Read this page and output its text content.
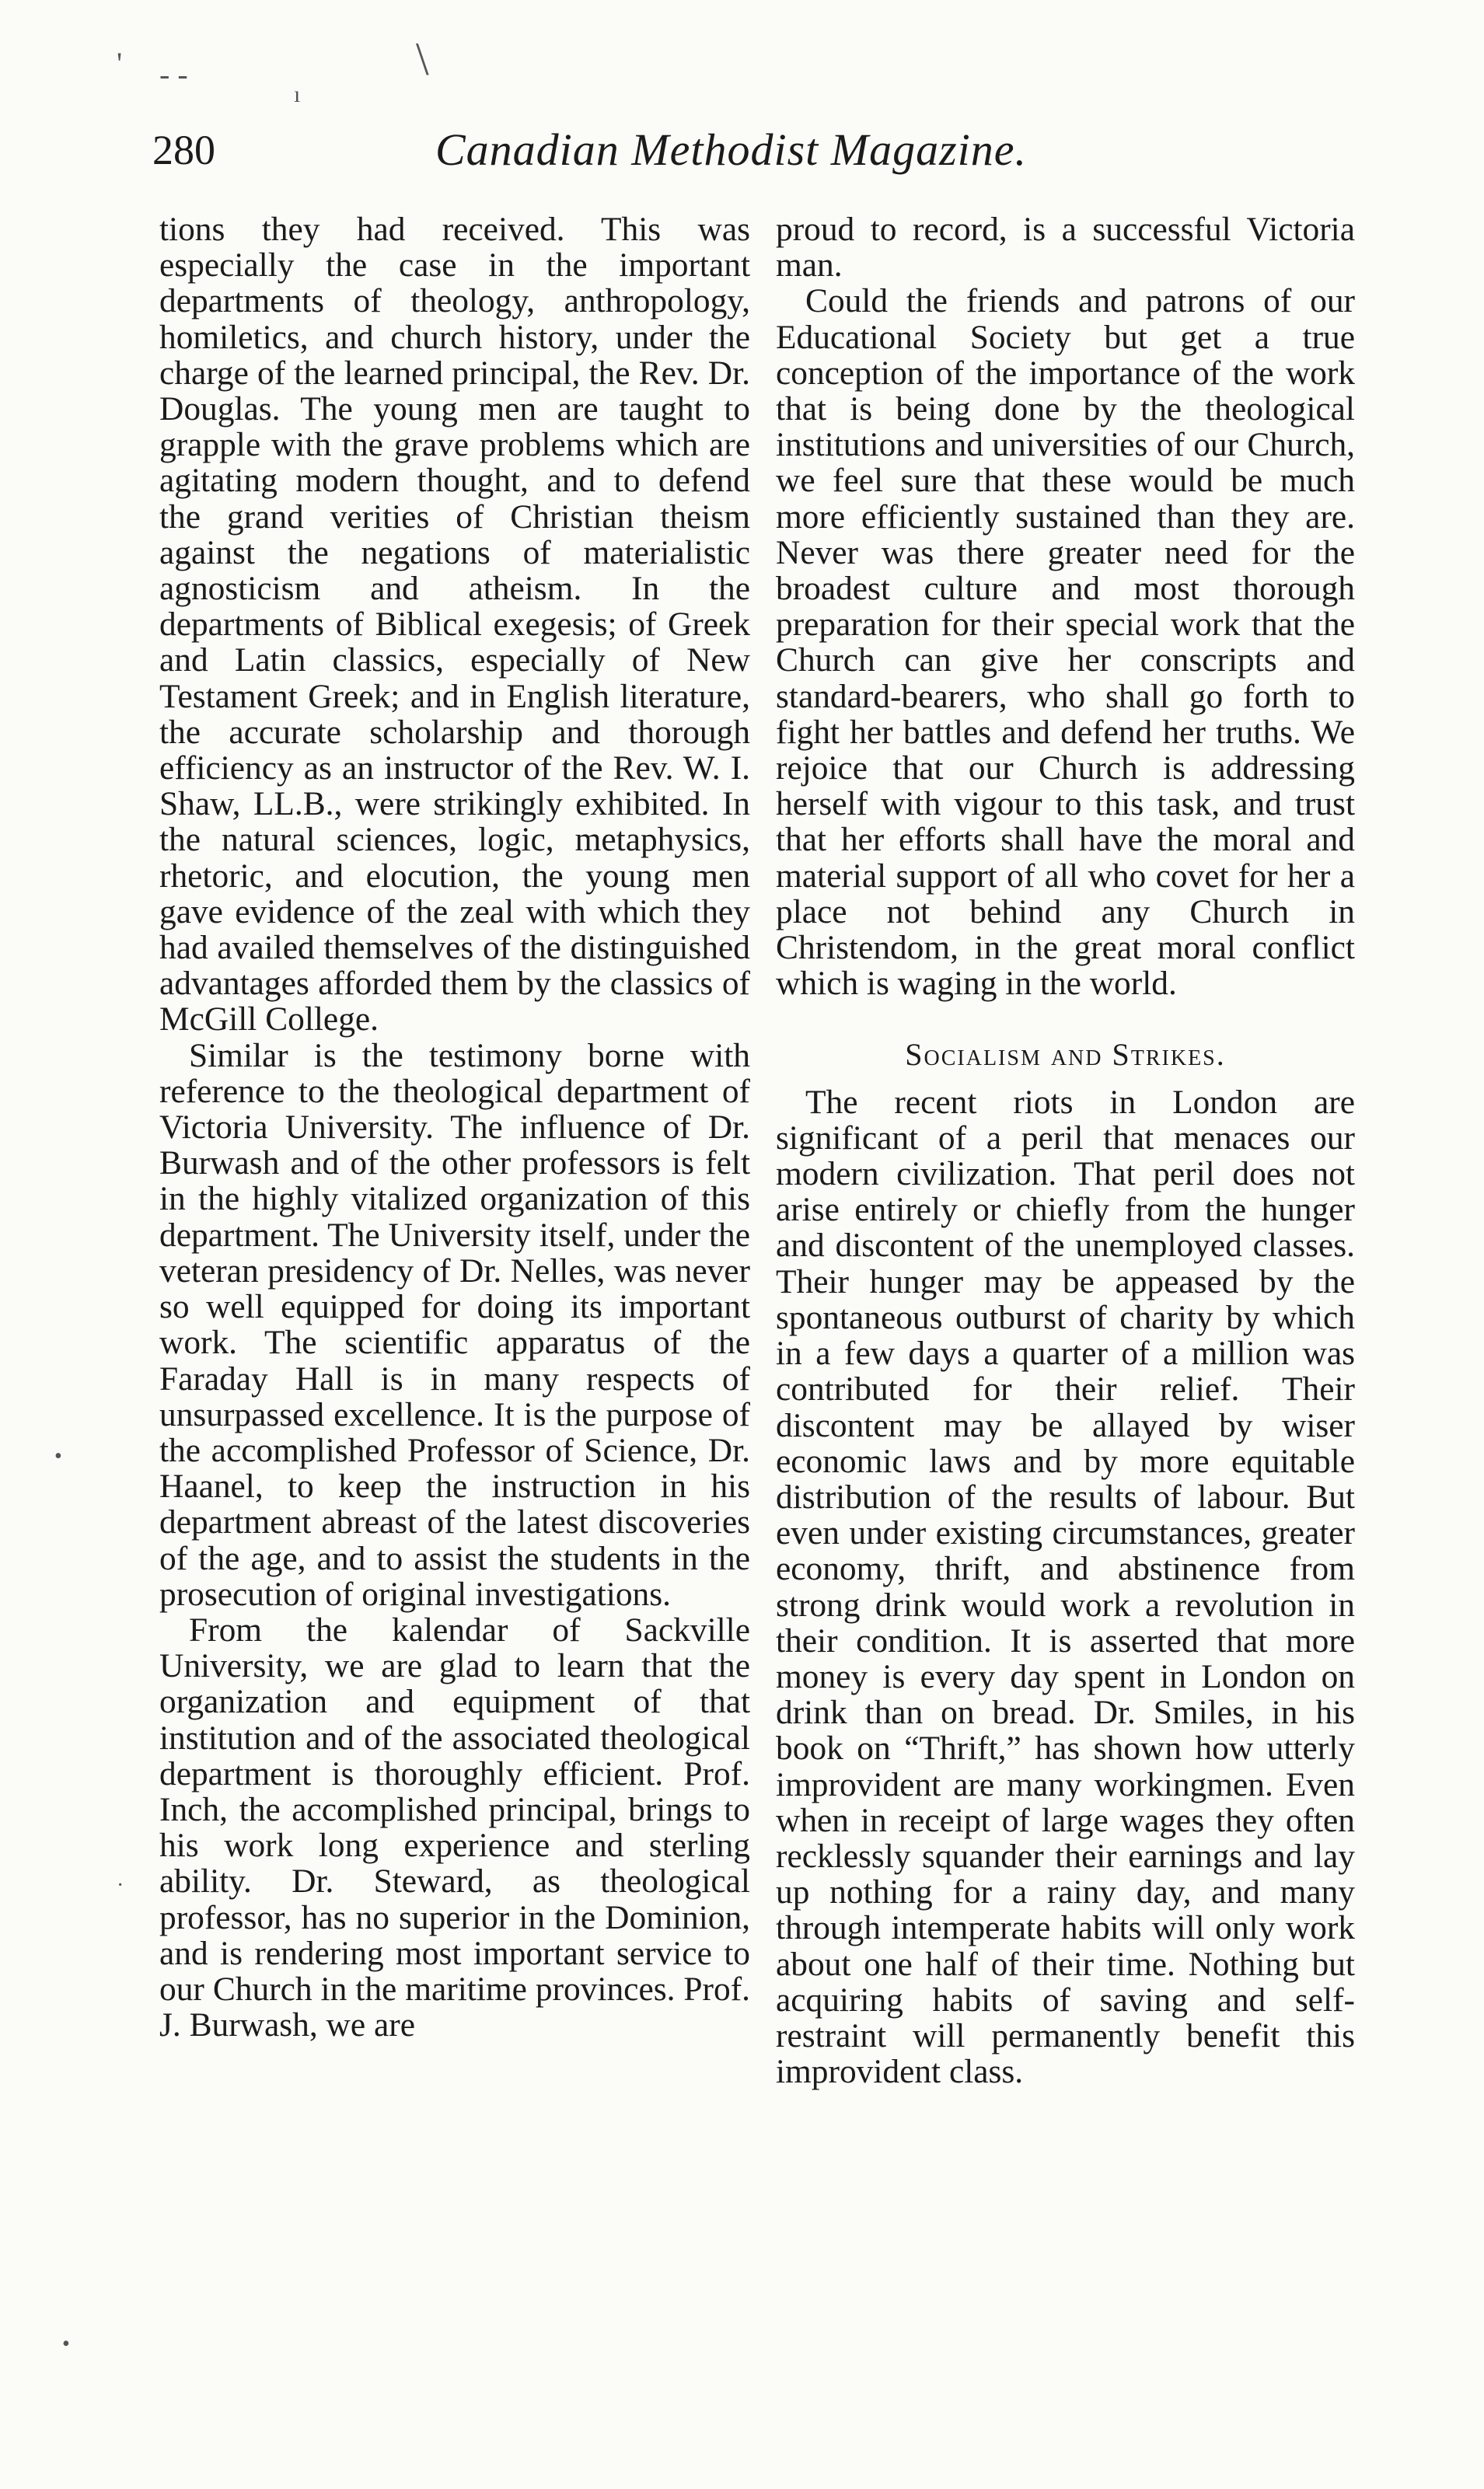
' - -	\
ı
•
·
•
280	Canadian Methodist Magazine.

tions they had received. This was especially the case in the important departments of theology, anthropology, homiletics, and church history, under the charge of the learned principal, the Rev. Dr. Douglas. The young men are taught to grapple with the grave problems which are agitating modern thought, and to defend the grand verities of Christian theism against the negations of materialistic agnosticism and atheism. In the departments of Biblical exegesis; of Greek and Latin classics, especially of New Testament Greek; and in English literature, the accurate scholarship and thorough efficiency as an instructor of the Rev. W. I. Shaw, LL.B., were strikingly exhibited. In the natural sciences, logic, metaphysics, rhetoric, and elocution, the young men gave evidence of the zeal with which they had availed themselves of the distinguished advantages afforded them by the classics of McGill College.

Similar is the testimony borne with reference to the theological department of Victoria University. The influence of Dr. Burwash and of the other professors is felt in the highly vitalized organization of this department. The University itself, under the veteran presidency of Dr. Nelles, was never so well equipped for doing its important work. The scientific apparatus of the Faraday Hall is in many respects of unsurpassed excellence. It is the purpose of the accomplished Professor of Science, Dr. Haanel, to keep the instruction in his department abreast of the latest discoveries of the age, and to assist the students in the prosecution of original investigations.

From the kalendar of Sackville University, we are glad to learn that the organization and equipment of that institution and of the associated theological department is thoroughly efficient. Prof. Inch, the accomplished principal, brings to his work long experience and sterling ability. Dr. Steward, as theological professor, has no superior in the Dominion, and is rendering most important service to our Church in the maritime provinces. Prof. J. Burwash, we are

proud to record, is a successful Victoria man.

Could the friends and patrons of our Educational Society but get a true conception of the importance of the work that is being done by the theological institutions and universities of our Church, we feel sure that these would be much more efficiently sustained than they are. Never was there greater need for the broadest culture and most thorough preparation for their special work that the Church can give her conscripts and standard-bearers, who shall go forth to fight her battles and defend her truths. We rejoice that our Church is addressing herself with vigour to this task, and trust that her efforts shall have the moral and material support of all who covet for her a place not behind any Church in Christendom, in the great moral conflict which is waging in the world.

Socialism and Strikes.

The recent riots in London are significant of a peril that menaces our modern civilization. That peril does not arise entirely or chiefly from the hunger and discontent of the unemployed classes. Their hunger may be appeased by the spontaneous outburst of charity by which in a few days a quarter of a million was contributed for their relief. Their discontent may be allayed by wiser economic laws and by more equitable distribution of the results of labour. But even under existing circumstances, greater economy, thrift, and abstinence from strong drink would work a revolution in their condition. It is asserted that more money is every day spent in London on drink than on bread. Dr. Smiles, in his book on “Thrift,” has shown how utterly improvident are many workingmen. Even when in receipt of large wages they often recklessly squander their earnings and lay up nothing for a rainy day, and many through intemperate habits will only work about one half of their time. Nothing but acquiring habits of saving and self-restraint will permanently benefit this improvident class.
